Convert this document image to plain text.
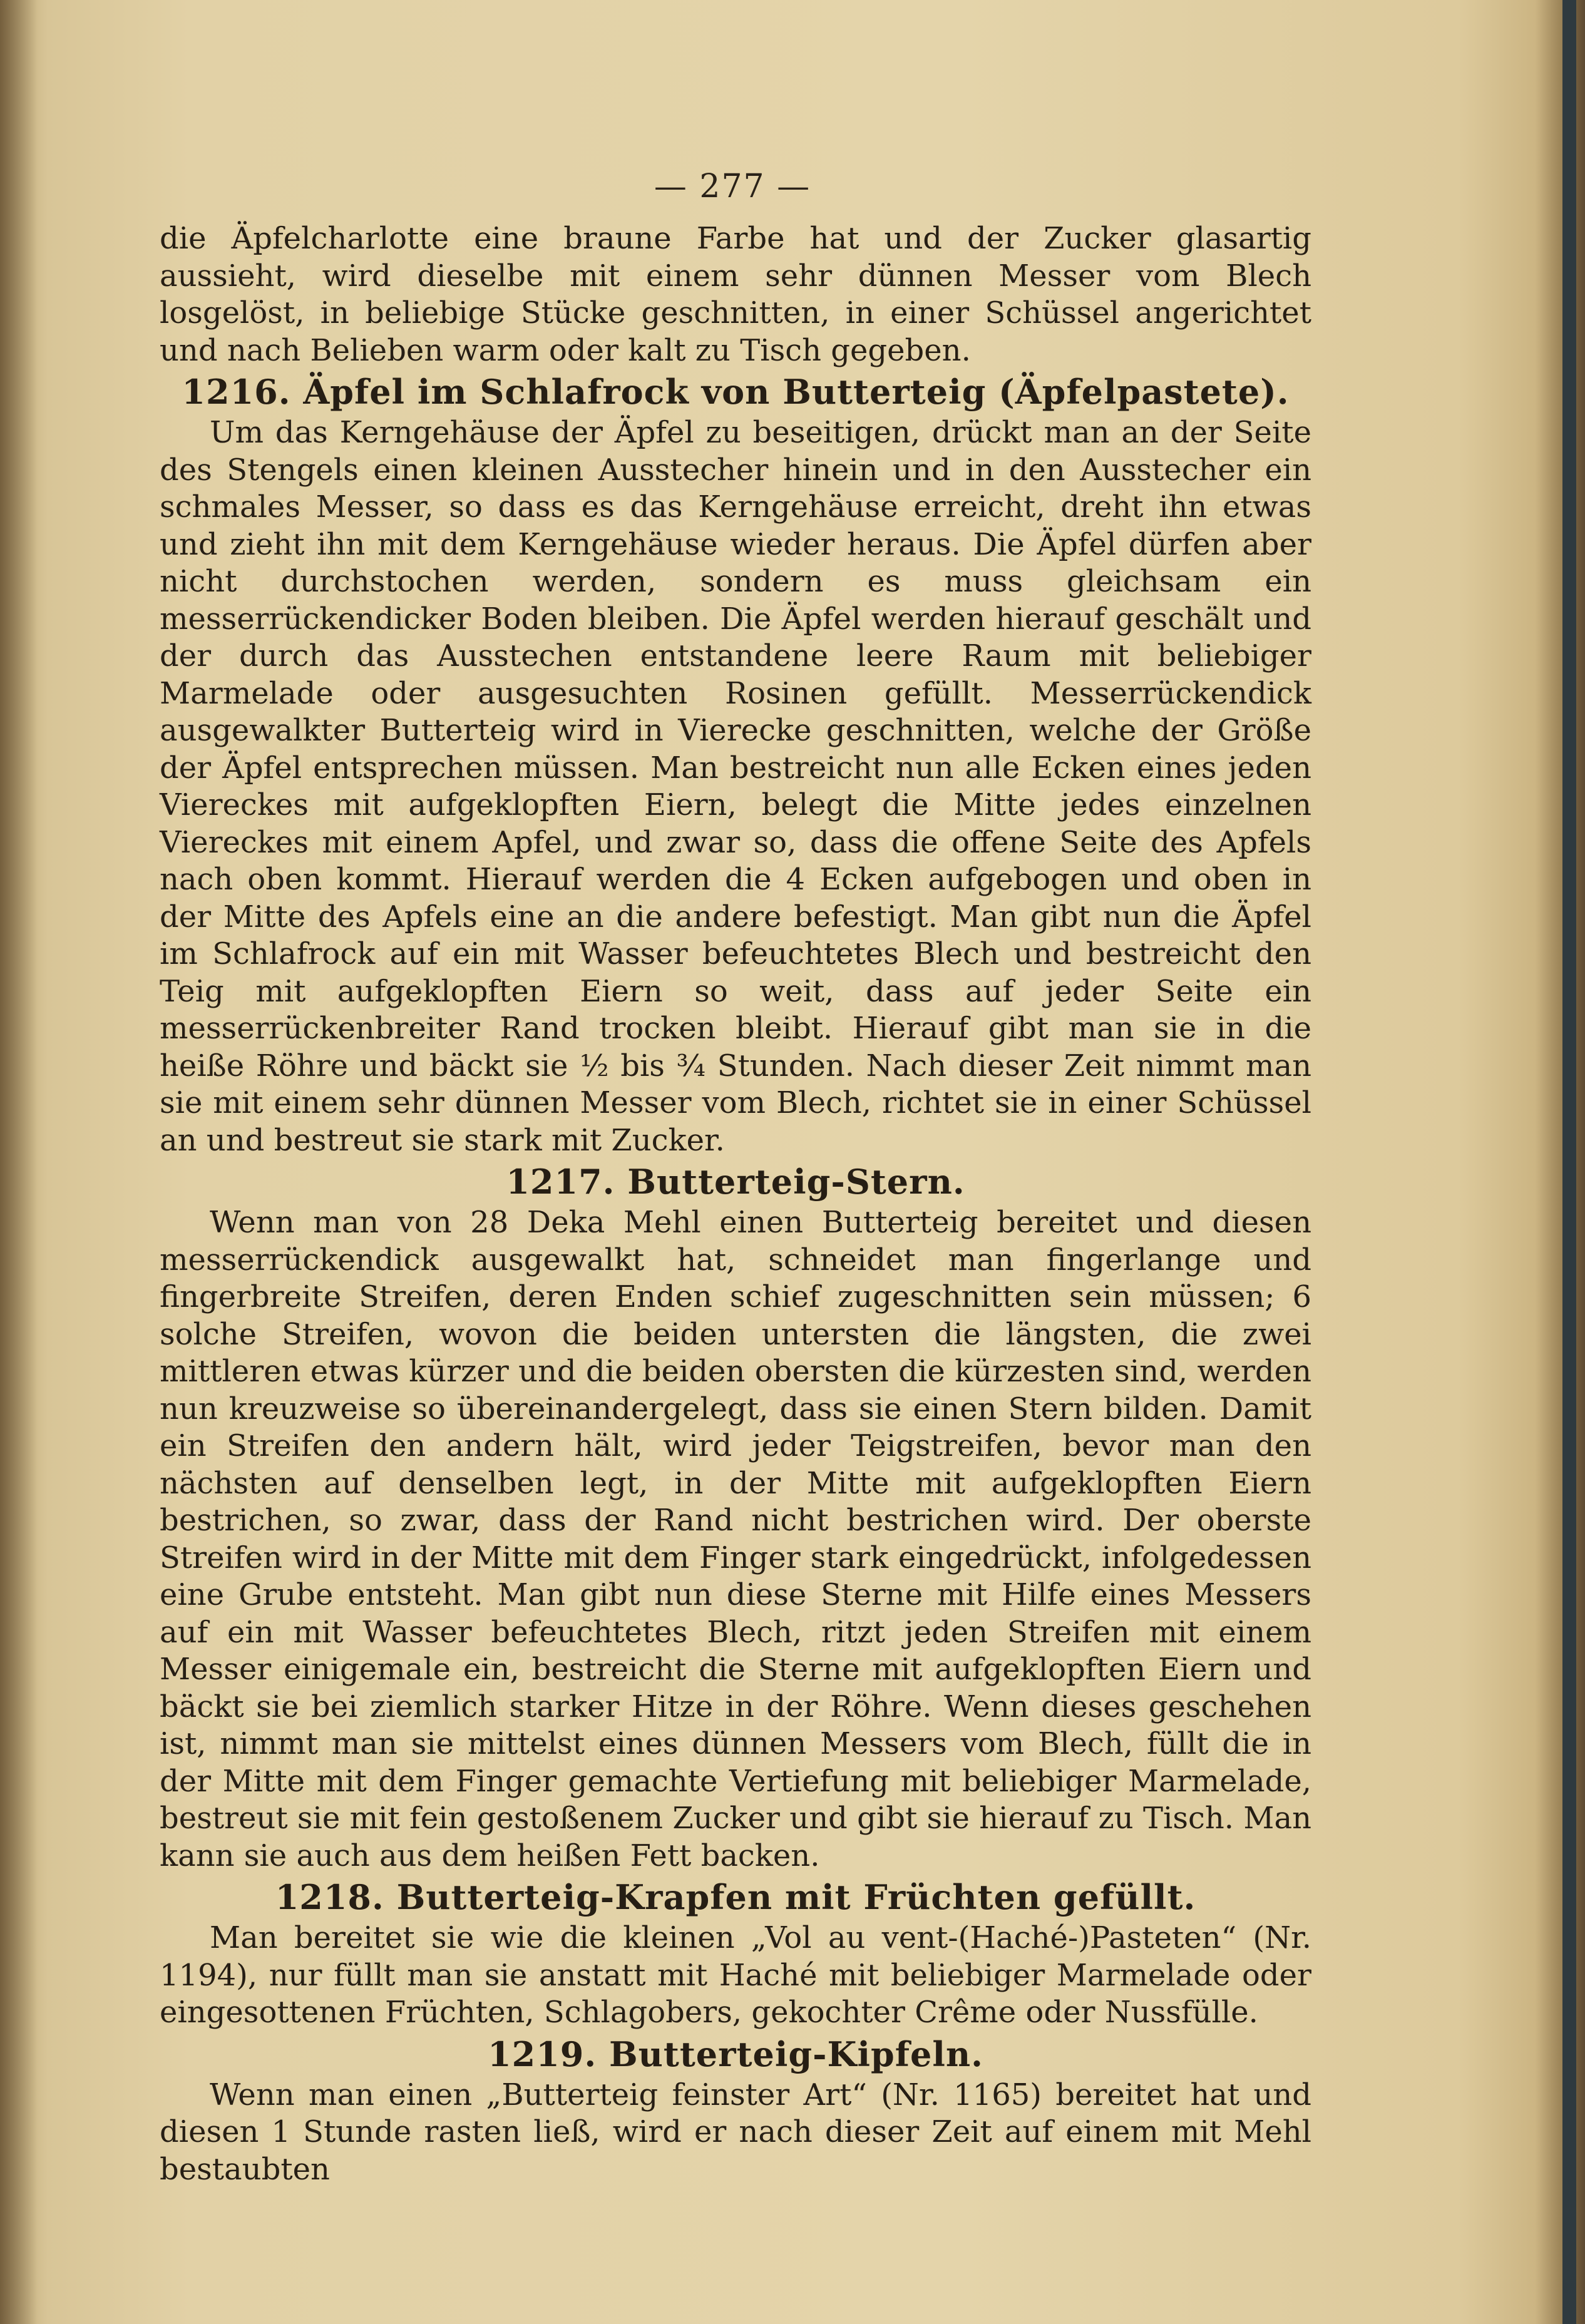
— 277 —

die Äpfelcharlotte eine braune Farbe hat und der Zucker glasartig aussieht, wird dieselbe mit einem sehr dünnen Messer vom Blech losgelöst, in beliebige Stücke geschnitten, in einer Schüssel angerichtet und nach Belieben warm oder kalt zu Tisch gegeben.

1216. Äpfel im Schlafrock von Butterteig (Äpfelpastete).

Um das Kerngehäuse der Äpfel zu beseitigen, drückt man an der Seite des Stengels einen kleinen Ausstecher hinein und in den Ausstecher ein schmales Messer, so dass es das Kerngehäuse erreicht, dreht ihn etwas und zieht ihn mit dem Kerngehäuse wieder heraus. Die Äpfel dürfen aber nicht durchstochen werden, sondern es muss gleichsam ein messerrückendicker Boden bleiben. Die Äpfel werden hierauf geschält und der durch das Ausstechen entstandene leere Raum mit beliebiger Marmelade oder ausgesuchten Rosinen gefüllt. Messerrückendick ausgewalkter Butterteig wird in Vierecke geschnitten, welche der Größe der Äpfel entsprechen müssen. Man bestreicht nun alle Ecken eines jeden Viereckes mit aufgeklopften Eiern, belegt die Mitte jedes einzelnen Viereckes mit einem Apfel, und zwar so, dass die offene Seite des Apfels nach oben kommt. Hierauf werden die 4 Ecken aufgebogen und oben in der Mitte des Apfels eine an die andere befestigt. Man gibt nun die Äpfel im Schlafrock auf ein mit Wasser befeuchtetes Blech und bestreicht den Teig mit aufgeklopften Eiern so weit, dass auf jeder Seite ein messerrückenbreiter Rand trocken bleibt. Hierauf gibt man sie in die heiße Röhre und bäckt sie ½ bis ¾ Stunden. Nach dieser Zeit nimmt man sie mit einem sehr dünnen Messer vom Blech, richtet sie in einer Schüssel an und bestreut sie stark mit Zucker.

1217. Butterteig-Stern.

Wenn man von 28 Deka Mehl einen Butterteig bereitet und diesen messerrückendick ausgewalkt hat, schneidet man fingerlange und fingerbreite Streifen, deren Enden schief zugeschnitten sein müssen; 6 solche Streifen, wovon die beiden untersten die längsten, die zwei mittleren etwas kürzer und die beiden obersten die kürzesten sind, werden nun kreuzweise so übereinandergelegt, dass sie einen Stern bilden. Damit ein Streifen den andern hält, wird jeder Teigstreifen, bevor man den nächsten auf denselben legt, in der Mitte mit aufgeklopften Eiern bestrichen, so zwar, dass der Rand nicht bestrichen wird. Der oberste Streifen wird in der Mitte mit dem Finger stark eingedrückt, infolgedessen eine Grube entsteht. Man gibt nun diese Sterne mit Hilfe eines Messers auf ein mit Wasser befeuchtetes Blech, ritzt jeden Streifen mit einem Messer einigemale ein, bestreicht die Sterne mit aufgeklopften Eiern und bäckt sie bei ziemlich starker Hitze in der Röhre. Wenn dieses geschehen ist, nimmt man sie mittelst eines dünnen Messers vom Blech, füllt die in der Mitte mit dem Finger gemachte Vertiefung mit beliebiger Marmelade, bestreut sie mit fein gestoßenem Zucker und gibt sie hierauf zu Tisch. Man kann sie auch aus dem heißen Fett backen.

1218. Butterteig-Krapfen mit Früchten gefüllt.

Man bereitet sie wie die kleinen „Vol au vent-(Haché-)Pasteten“ (Nr. 1194), nur füllt man sie anstatt mit Haché mit beliebiger Marmelade oder eingesottenen Früchten, Schlagobers, gekochter Crême oder Nussfülle.

1219. Butterteig-Kipfeln.

Wenn man einen „Butterteig feinster Art“ (Nr. 1165) bereitet hat und diesen 1 Stunde rasten ließ, wird er nach dieser Zeit auf einem mit Mehl bestaubten
